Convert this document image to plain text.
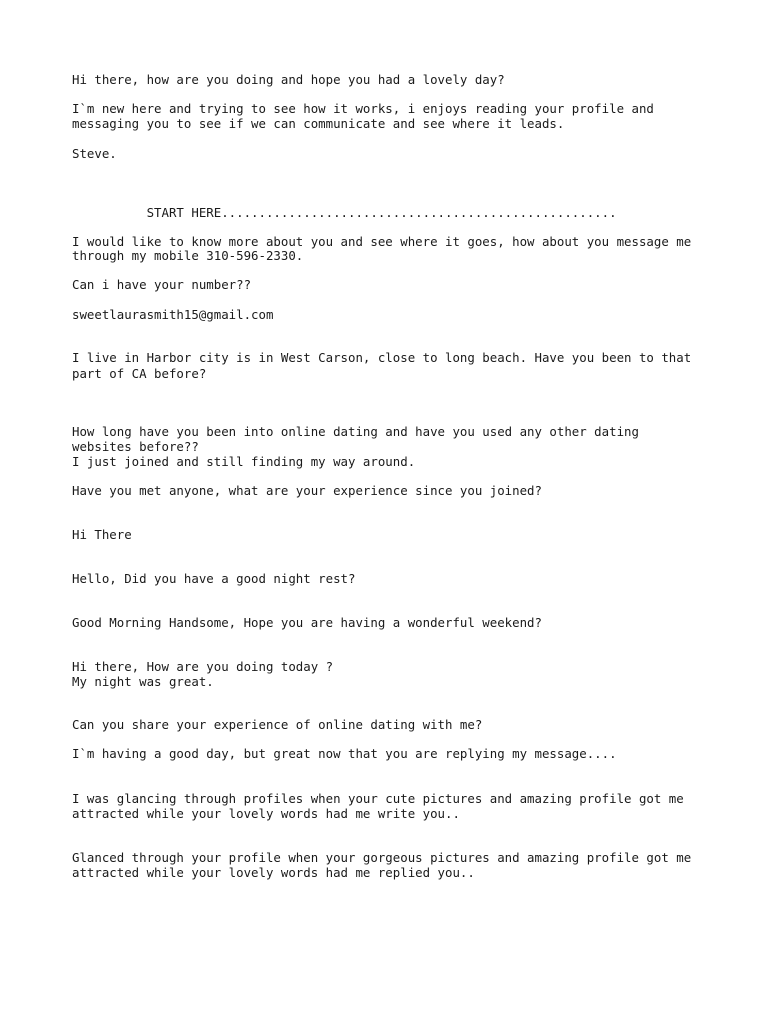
Hi there, how are you doing and hope you had a lovely day?

I`m new here and trying to see how it works, i enjoys reading your profile and

messaging you to see if we can communicate and see where it leads.

Steve.

START HERE.....................................................

I would like to know more about you and see where it goes, how about you message me

through my mobile 310-596-2330.

Can i have your number??

sweetlaurasmith15@gmail.com

I live in Harbor city is in West Carson, close to long beach. Have you been to that

part of CA before?

How long have you been into online dating and have you used any other dating

websites before??

I just joined and still finding my way around.

Have you met anyone, what are your experience since you joined?

Hi There

Hello, Did you have a good night rest?

Good Morning Handsome, Hope you are having a wonderful weekend?

Hi there, How are you doing today ?

My night was great.

Can you share your experience of online dating with me?

I`m having a good day, but great now that you are replying my message....

I was glancing through profiles when your cute pictures and amazing profile got me

attracted while your lovely words had me write you..

Glanced through your profile when your gorgeous pictures and amazing profile got me

attracted while your lovely words had me replied you..
